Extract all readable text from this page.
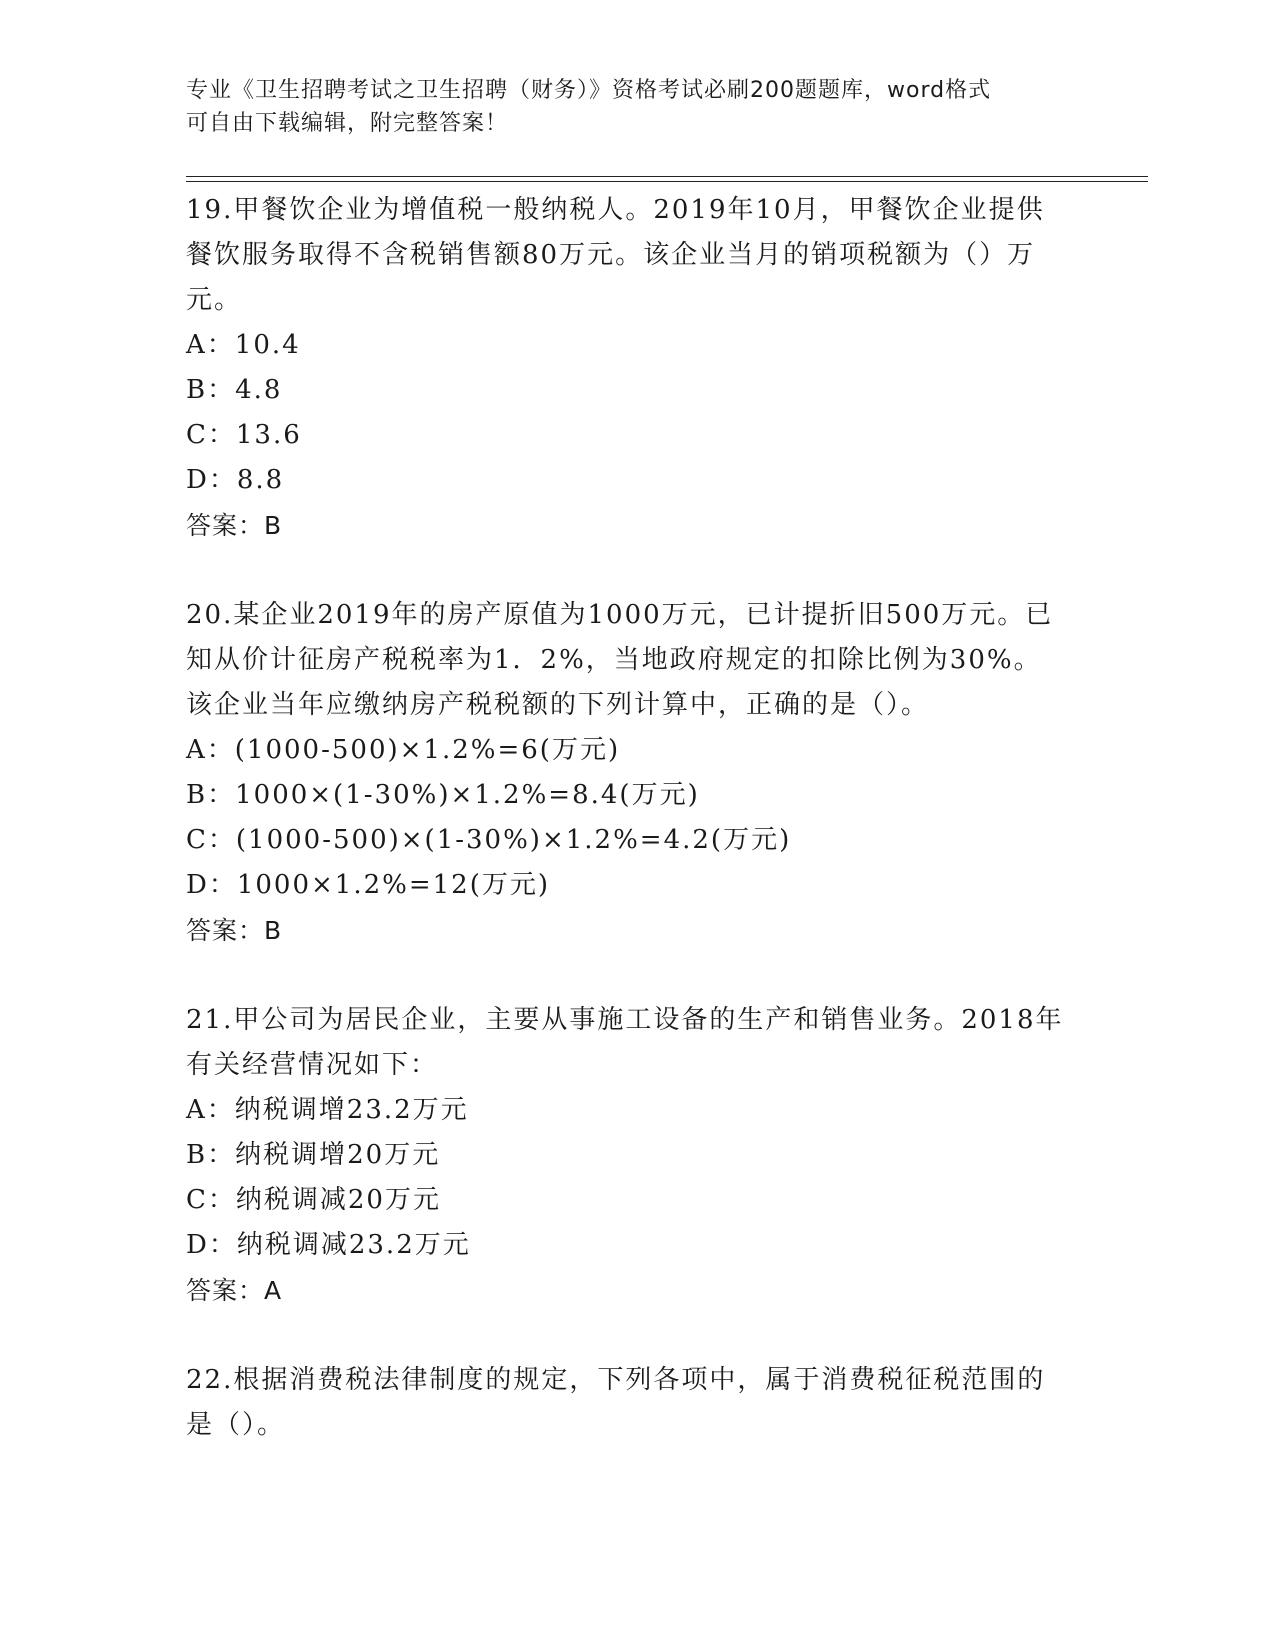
专业《卫生招聘考试之卫生招聘（财务）》资格考试必刷200题题库，word格式
可自由下载编辑，附完整答案！
19.甲餐饮企业为增值税一般纳税人。2019年10月，甲餐饮企业提供
餐饮服务取得不含税销售额80万元。该企业当月的销项税额为（）万
元。
A：10.4
B：4.8
C：13.6
D：8.8
答案：B
20.某企业2019年的房产原值为1000万元，已计提折旧500万元。已
知从价计征房产税税率为1．2%，当地政府规定的扣除比例为30%。
该企业当年应缴纳房产税税额的下列计算中，正确的是（）。
A：(1000-500)×1.2%=6(万元)
B：1000×(1-30%)×1.2%=8.4(万元)
C：(1000-500)×(1-30%)×1.2%=4.2(万元)
D：1000×1.2%=12(万元)
答案：B
21.甲公司为居民企业，主要从事施工设备的生产和销售业务。2018年
有关经营情况如下：
A：纳税调增23.2万元
B：纳税调增20万元
C：纳税调减20万元
D：纳税调减23.2万元
答案：A
22.根据消费税法律制度的规定，下列各项中，属于消费税征税范围的
是（）。
